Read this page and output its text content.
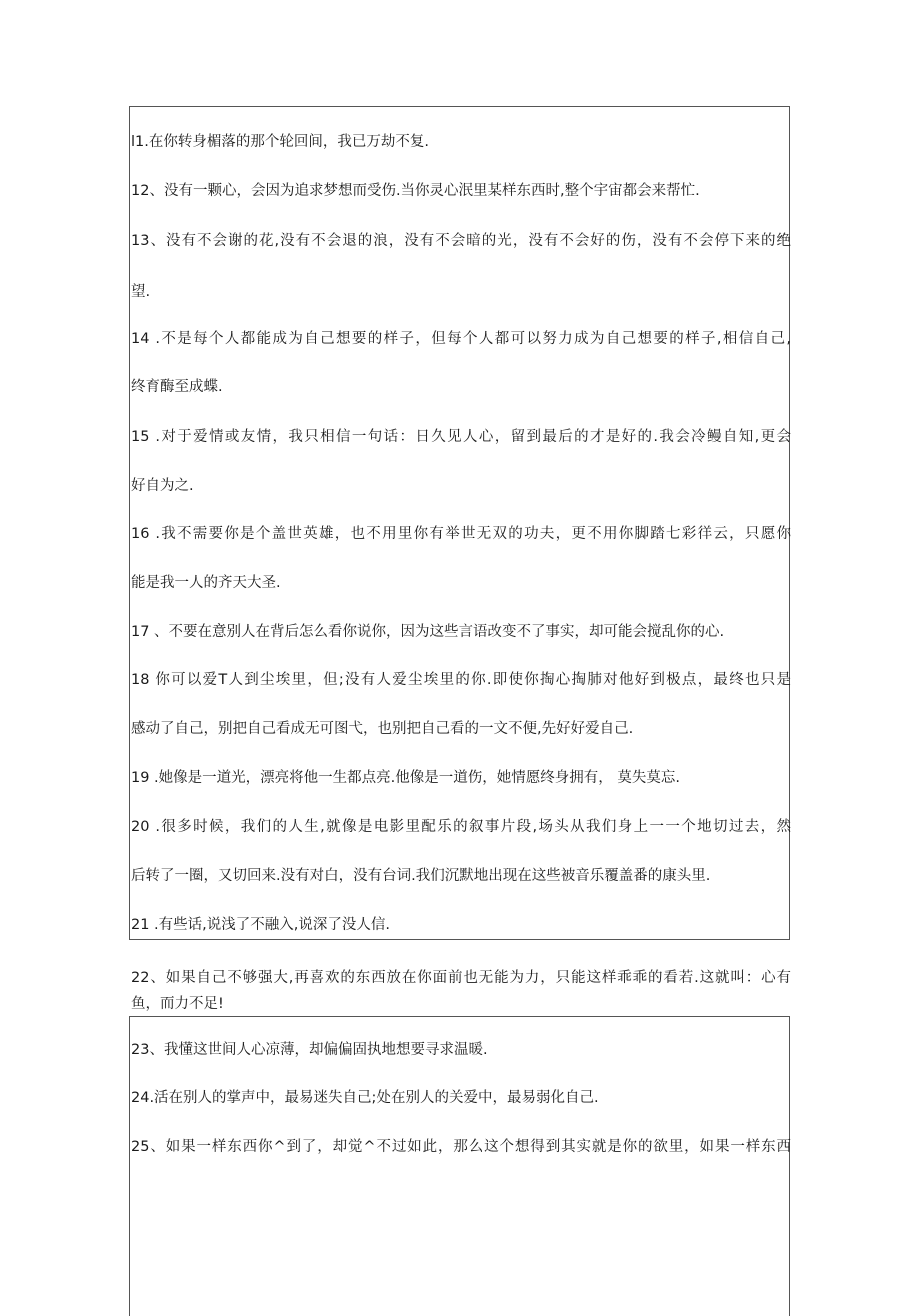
l1.在你转身楣落的那个轮回间，我已万劫不复.
12、没有一颗心，会因为追求梦想而受伤.当你灵心泯里某样东西时,整个宇宙都会来帮忙.
13、没有不会谢的花,没有不会退的浪，没有不会暗的光，没有不会好的伤，没有不会停下来的绝
望.
14 .不是每个人都能成为自己想要的样子，但每个人都可以努力成为自己想要的样子,相信自己,
终育酶至成蝶.
15 .对于爱情或友情，我只相信一句话：日久见人心，留到最后的才是好的.我会冷鳗自知,更会
好自为之.
16 .我不需要你是个盖世英雄，也不用里你有举世无双的功夫，更不用你脚踏七彩徉云，只愿你
能是我一人的齐天大圣.
17 、不要在意别人在背后怎么看你说你，因为这些言语改变不了事实，却可能会搅乱你的心.
18 你可以爱T人到尘埃里，但;没有人爱尘埃里的你.即使你掏心掏肺对他好到极点，最终也只是
感动了自己，别把自己看成无可图弋，也别把自己看的一文不便,先好好爱自己.
19 .她像是一道光，漂亮将他一生都点亮.他像是一道伤，她情愿终身拥有， 莫失莫忘.
20 .很多时候，我们的人生,就像是电影里配乐的叙事片段,场头从我们身上一一个地切过去，然
后转了一圈，又切回来.没有对白，没有台词.我们沉默地出现在这些被音乐覆盖番的康头里.
21 .有些话,说浅了不融入,说深了没人信.
22、如果自己不够强大,再喜欢的东西放在你面前也无能为力，只能这样乖乖的看若.这就叫：心有
鱼，而力不足!
23、我懂这世间人心凉薄，却偏偏固执地想要寻求温暖.
24.活在别人的掌声中，最易迷失自己;处在别人的关爱中，最易弱化自己.
25、如果一样东西你^到了，却觉^不过如此，那么这个想得到其实就是你的欲里，如果一样东西
